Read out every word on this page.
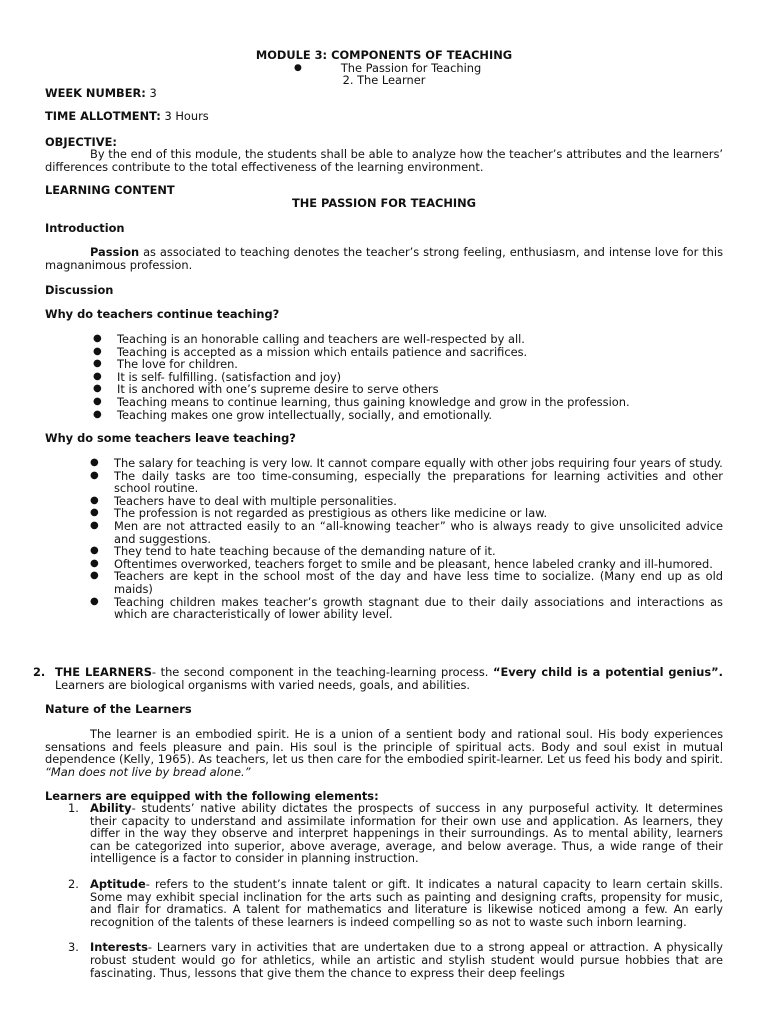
MODULE 3: COMPONENTS OF TEACHING
●	The Passion for Teaching
2. The Learner
WEEK NUMBER: 3
TIME ALLOTMENT: 3 Hours
OBJECTIVE:
By the end of this module, the students shall be able to analyze how the teacher’s attributes and the learners’ differences contribute to the total effectiveness of the learning environment.
LEARNING CONTENT
THE PASSION FOR TEACHING
Introduction
Passion as associated to teaching denotes the teacher’s strong feeling, enthusiasm, and intense love for this magnanimous profession.
Discussion
Why do teachers continue teaching?
● Teaching is an honorable calling and teachers are well-respected by all.
● Teaching is accepted as a mission which entails patience and sacrifices.
● The love for children.
● It is self- fulfilling. (satisfaction and joy)
● It is anchored with one’s supreme desire to serve others
● Teaching means to continue learning, thus gaining knowledge and grow in the profession.
● Teaching makes one grow intellectually, socially, and emotionally.
Why do some teachers leave teaching?
● The salary for teaching is very low. It cannot compare equally with other jobs requiring four years of study.
● The daily tasks are too time-consuming, especially the preparations for learning activities and other school routine.
● Teachers have to deal with multiple personalities.
● The profession is not regarded as prestigious as others like medicine or law.
● Men are not attracted easily to an “all-knowing teacher” who is always ready to give unsolicited advice and suggestions.
● They tend to hate teaching because of the demanding nature of it.
● Oftentimes overworked, teachers forget to smile and be pleasant, hence labeled cranky and ill-humored.
● Teachers are kept in the school most of the day and have less time to socialize. (Many end up as old maids)
● Teaching children makes teacher’s growth stagnant due to their daily associations and interactions as which are characteristically of lower ability level.
2. THE LEARNERS- the second component in the teaching-learning process. “Every child is a potential genius”. Learners are biological organisms with varied needs, goals, and abilities.
Nature of the Learners
The learner is an embodied spirit. He is a union of a sentient body and rational soul. His body experiences sensations and feels pleasure and pain. His soul is the principle of spiritual acts. Body and soul exist in mutual dependence (Kelly, 1965). As teachers, let us then care for the embodied spirit-learner. Let us feed his body and spirit. “Man does not live by bread alone.”
Learners are equipped with the following elements:
1. Ability- students’ native ability dictates the prospects of success in any purposeful activity. It determines their capacity to understand and assimilate information for their own use and application. As learners, they differ in the way they observe and interpret happenings in their surroundings. As to mental ability, learners can be categorized into superior, above average, average, and below average. Thus, a wide range of their intelligence is a factor to consider in planning instruction.
2. Aptitude- refers to the student’s innate talent or gift. It indicates a natural capacity to learn certain skills. Some may exhibit special inclination for the arts such as painting and designing crafts, propensity for music, and flair for dramatics. A talent for mathematics and literature is likewise noticed among a few. An early recognition of the talents of these learners is indeed compelling so as not to waste such inborn learning.
3. Interests- Learners vary in activities that are undertaken due to a strong appeal or attraction. A physically robust student would go for athletics, while an artistic and stylish student would pursue hobbies that are fascinating. Thus, lessons that give them the chance to express their deep feelings
